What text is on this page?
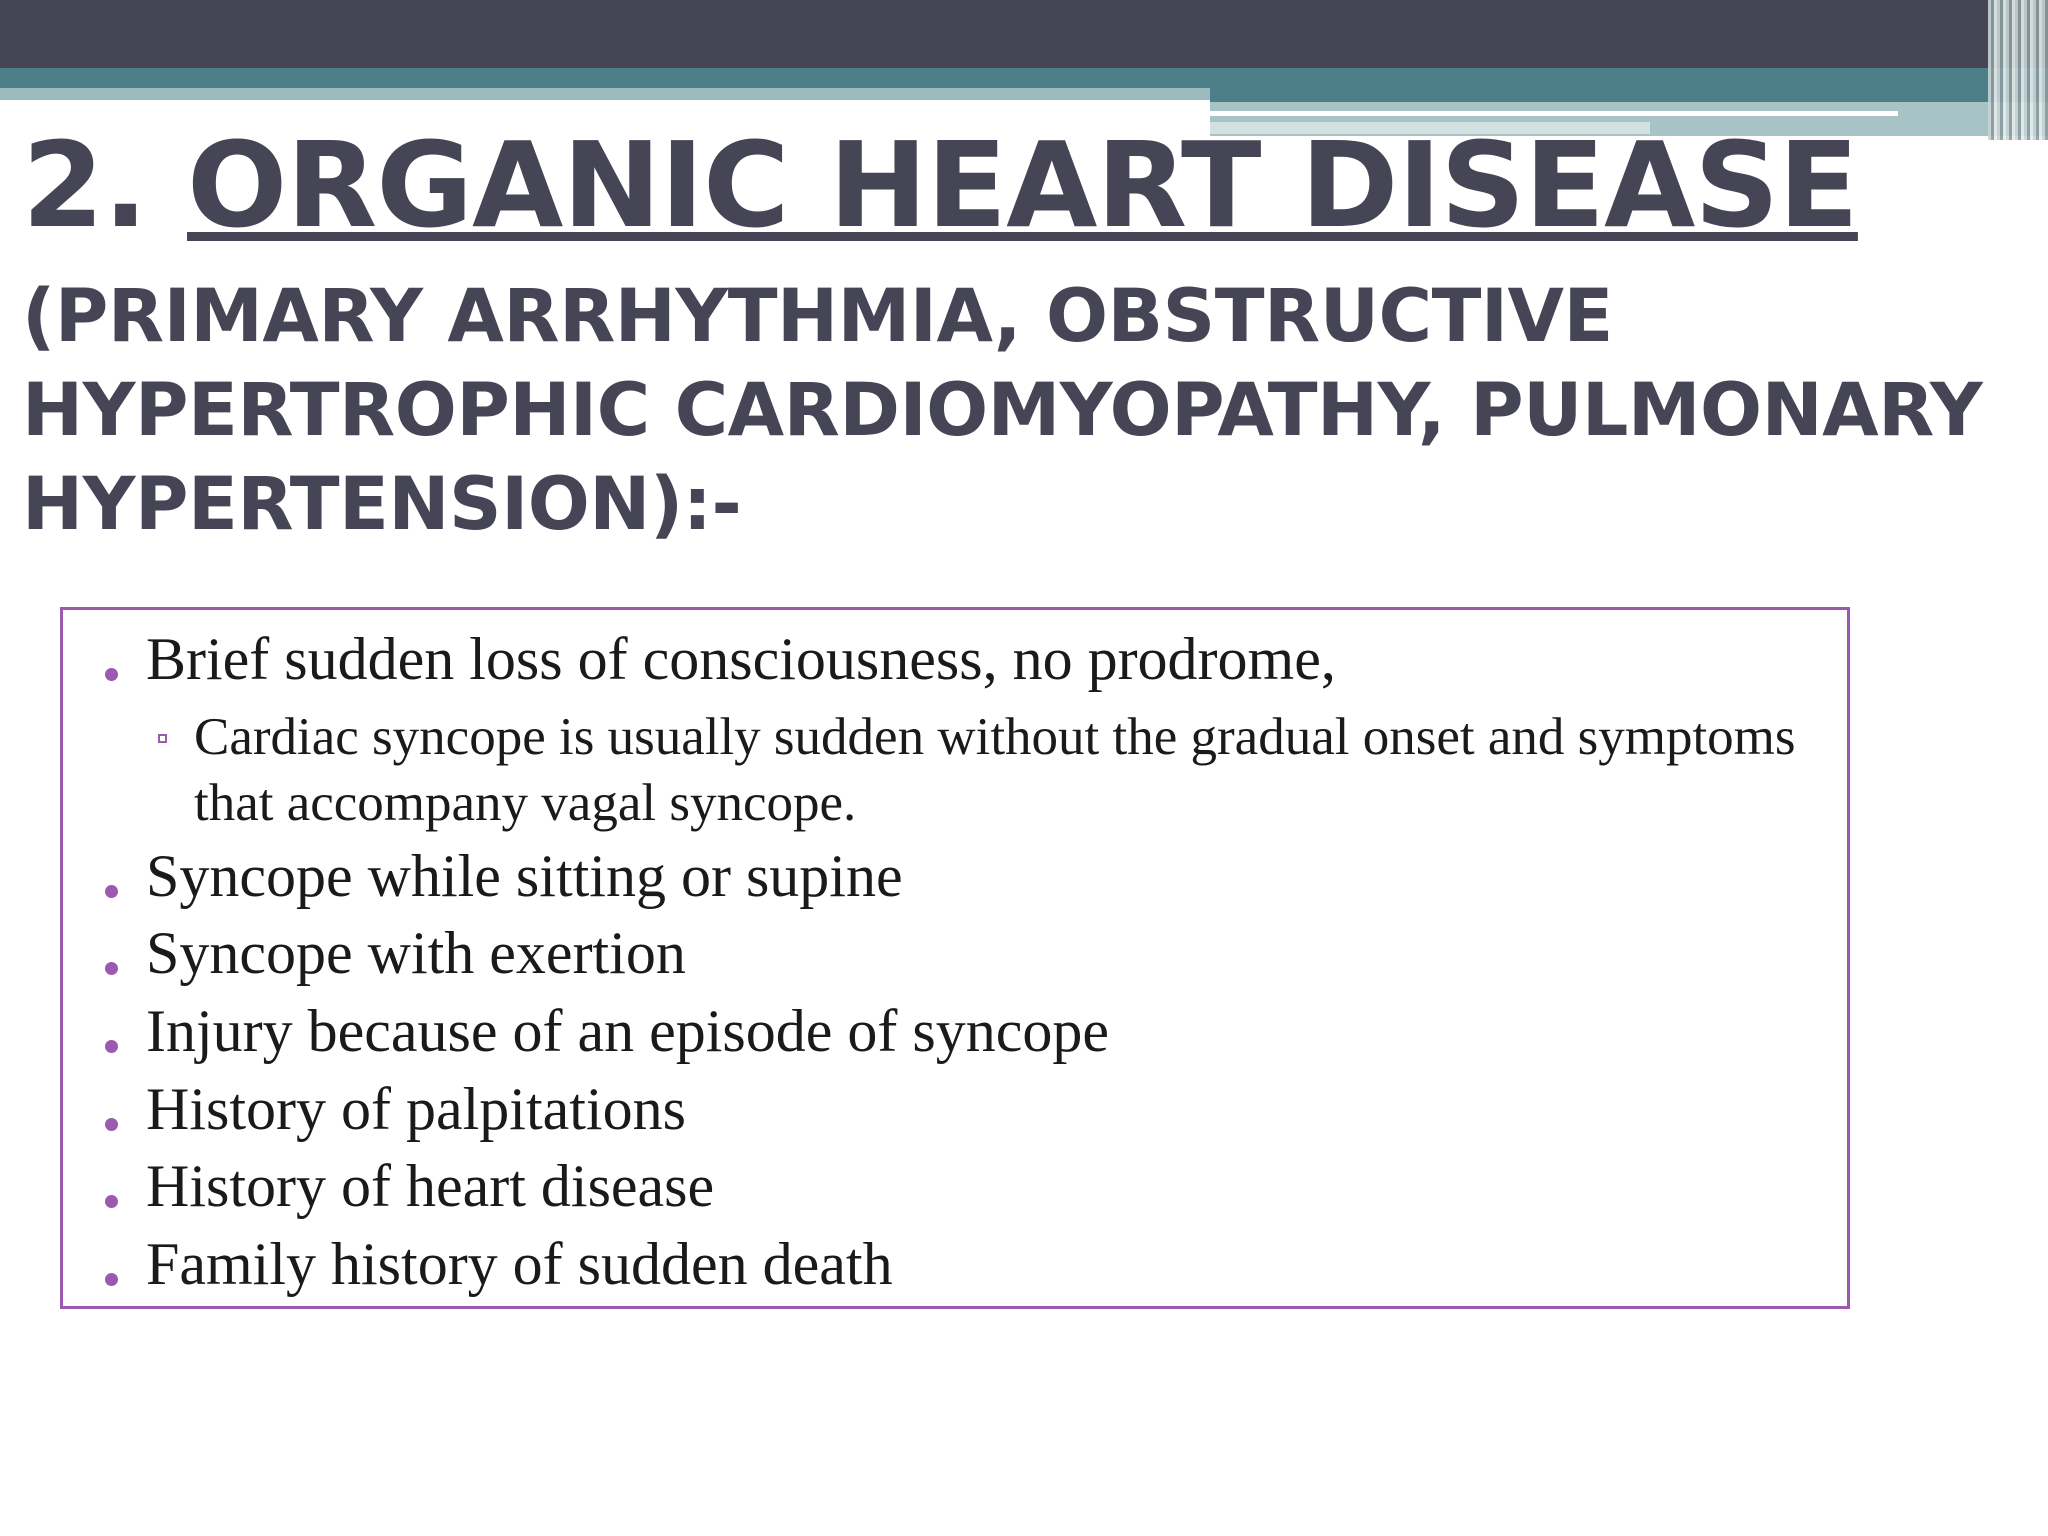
2. ORGANIC HEART DISEASE

(PRIMARY ARRHYTHMIA, OBSTRUCTIVE HYPERTROPHIC CARDIOMYOPATHY, PULMONARY HYPERTENSION):-

Brief sudden loss of consciousness, no prodrome,
Cardiac syncope is usually sudden without the gradual onset and symptoms that accompany vagal syncope.
Syncope while sitting or supine
Syncope with exertion
Injury because of an episode of syncope
History of palpitations
History of heart disease
Family history of sudden death
